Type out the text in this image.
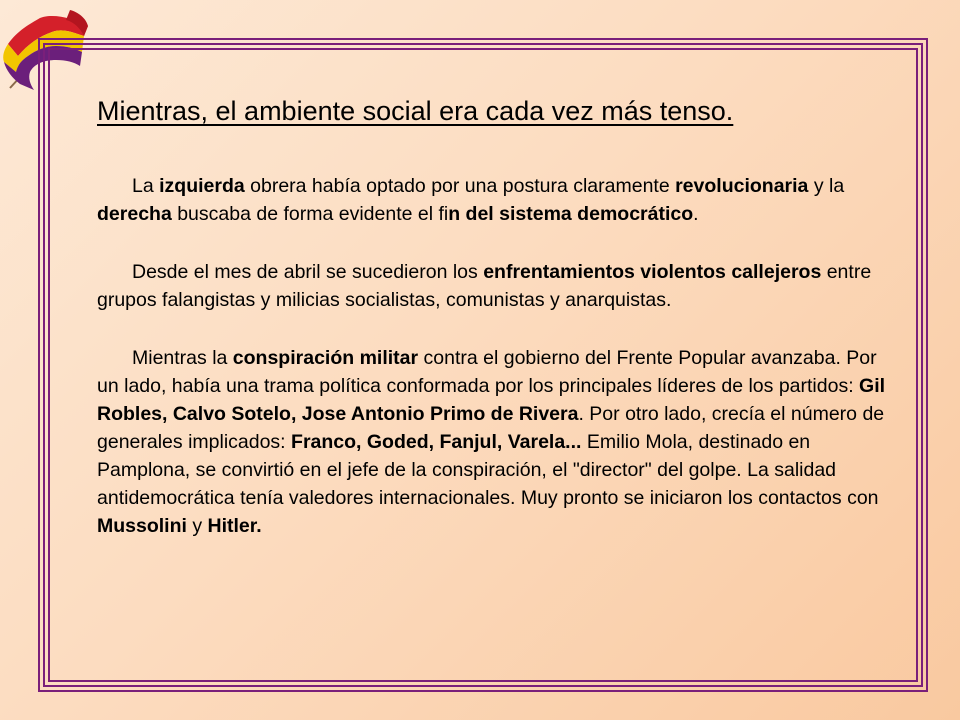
Mientras, el ambiente social era cada vez más tenso.

La izquierda obrera había optado por una postura claramente revolucionaria y la derecha buscaba de forma evidente el fin del sistema democrático.

Desde el mes de abril se sucedieron los enfrentamientos violentos callejeros entre grupos falangistas y milicias socialistas, comunistas y anarquistas.

Mientras la conspiración militar contra el gobierno del Frente Popular avanzaba. Por un lado, había una trama política conformada por los principales líderes de los partidos: Gil Robles, Calvo Sotelo, Jose Antonio Primo de Rivera. Por otro lado, crecía el número de generales implicados: Franco, Goded, Fanjul, Varela... Emilio Mola, destinado en Pamplona, se convirtió en el jefe de la conspiración, el "director" del golpe. La salidad antidemocrática tenía valedores internacionales. Muy pronto se iniciaron los contactos con Mussolini y Hitler.
